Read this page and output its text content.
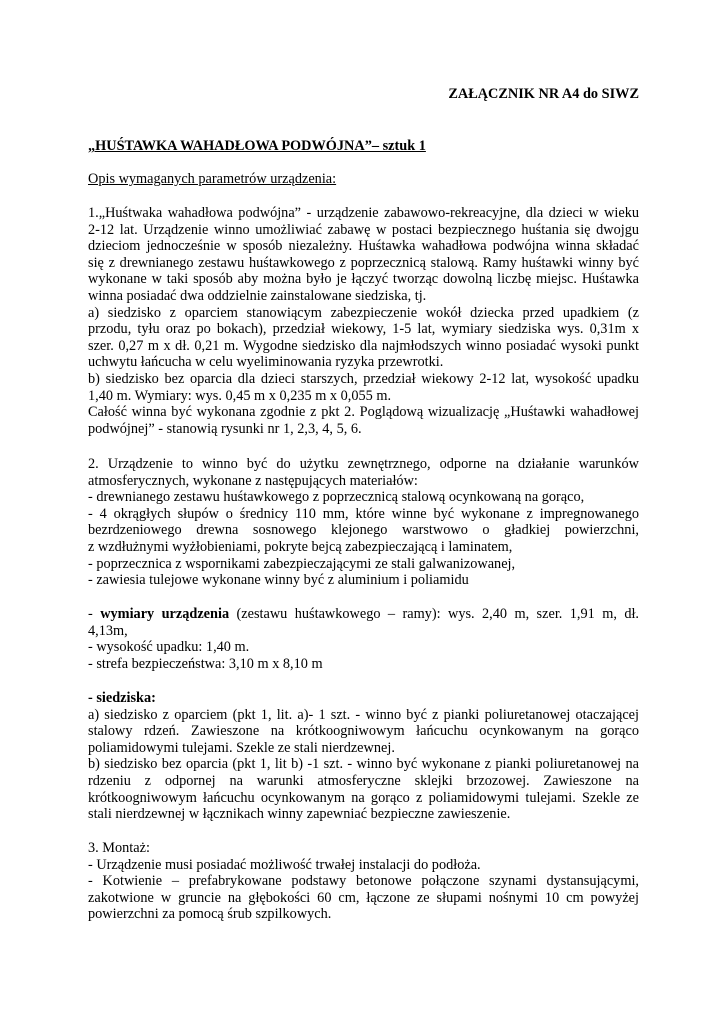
ZAŁĄCZNIK NR A4 do SIWZ
„HUŚTAWKA WAHADŁOWA PODWÓJNA”– sztuk 1
Opis wymaganych parametrów urządzenia:
1.„Huśtwaka wahadłowa podwójna” - urządzenie zabawowo-rekreacyjne, dla dzieci w wieku
2-12 lat. Urządzenie winno umożliwiać zabawę w postaci bezpiecznego huśtania się dwojgu
dzieciom jednocześnie w sposób niezależny. Huśtawka wahadłowa podwójna winna składać
się z drewnianego zestawu huśtawkowego z poprzecznicą stalową. Ramy huśtawki winny być
wykonane w taki sposób aby można było je łączyć tworząc dowolną liczbę miejsc. Huśtawka
winna posiadać dwa oddzielnie zainstalowane siedziska, tj.
a) siedzisko z oparciem stanowiącym zabezpieczenie wokół dziecka przed upadkiem (z
przodu, tyłu oraz po bokach), przedział wiekowy, 1-5 lat, wymiary siedziska wys. 0,31m x
szer. 0,27 m x dł. 0,21 m. Wygodne siedzisko dla najmłodszych winno posiadać wysoki punkt
uchwytu łańcucha w celu wyeliminowania ryzyka przewrotki.
b) siedzisko bez oparcia dla dzieci starszych, przedział wiekowy 2-12 lat, wysokość upadku
1,40 m. Wymiary: wys. 0,45 m x 0,235 m x 0,055 m.
Całość winna być wykonana zgodnie z pkt 2. Poglądową wizualizację „Huśtawki wahadłowej
podwójnej” - stanowią rysunki nr 1, 2,3, 4, 5, 6.
2. Urządzenie to winno być do użytku zewnętrznego, odporne na działanie warunków
atmosferycznych, wykonane z następujących materiałów:
- drewnianego zestawu huśtawkowego z poprzecznicą stalową ocynkowaną na gorąco,
- 4 okrągłych słupów o średnicy 110 mm, które winne być wykonane z impregnowanego
bezrdzeniowego drewna sosnowego klejonego warstwowo o gładkiej powierzchni,
z wzdłużnymi wyżłobieniami, pokryte bejcą zabezpieczającą i laminatem,
- poprzecznica z wspornikami zabezpieczającymi ze stali galwanizowanej,
- zawiesia tulejowe wykonane winny być z aluminium i poliamidu
- wymiary urządzenia (zestawu huśtawkowego – ramy): wys. 2,40 m, szer. 1,91 m, dł.
4,13m,
- wysokość upadku: 1,40 m.
- strefa bezpieczeństwa: 3,10 m x 8,10 m
- siedziska:
a) siedzisko z oparciem (pkt 1, lit. a)- 1 szt. - winno być z pianki poliuretanowej otaczającej
stalowy rdzeń. Zawieszone na krótkoogniwowym łańcuchu ocynkowanym na gorąco
poliamidowymi tulejami. Szekle ze stali nierdzewnej.
b) siedzisko bez oparcia (pkt 1, lit b) -1 szt. - winno być wykonane z pianki poliuretanowej na
rdzeniu z odpornej na warunki atmosferyczne sklejki brzozowej. Zawieszone na
krótkoogniwowym łańcuchu ocynkowanym na gorąco z poliamidowymi tulejami. Szekle ze
stali nierdzewnej w łącznikach winny zapewniać bezpieczne zawieszenie.
3. Montaż:
- Urządzenie musi posiadać możliwość trwałej instalacji do podłoża.
- Kotwienie – prefabrykowane podstawy betonowe połączone szynami dystansującymi,
zakotwione w gruncie na głębokości 60 cm, łączone ze słupami nośnymi 10 cm powyżej
powierzchni za pomocą śrub szpilkowych.
